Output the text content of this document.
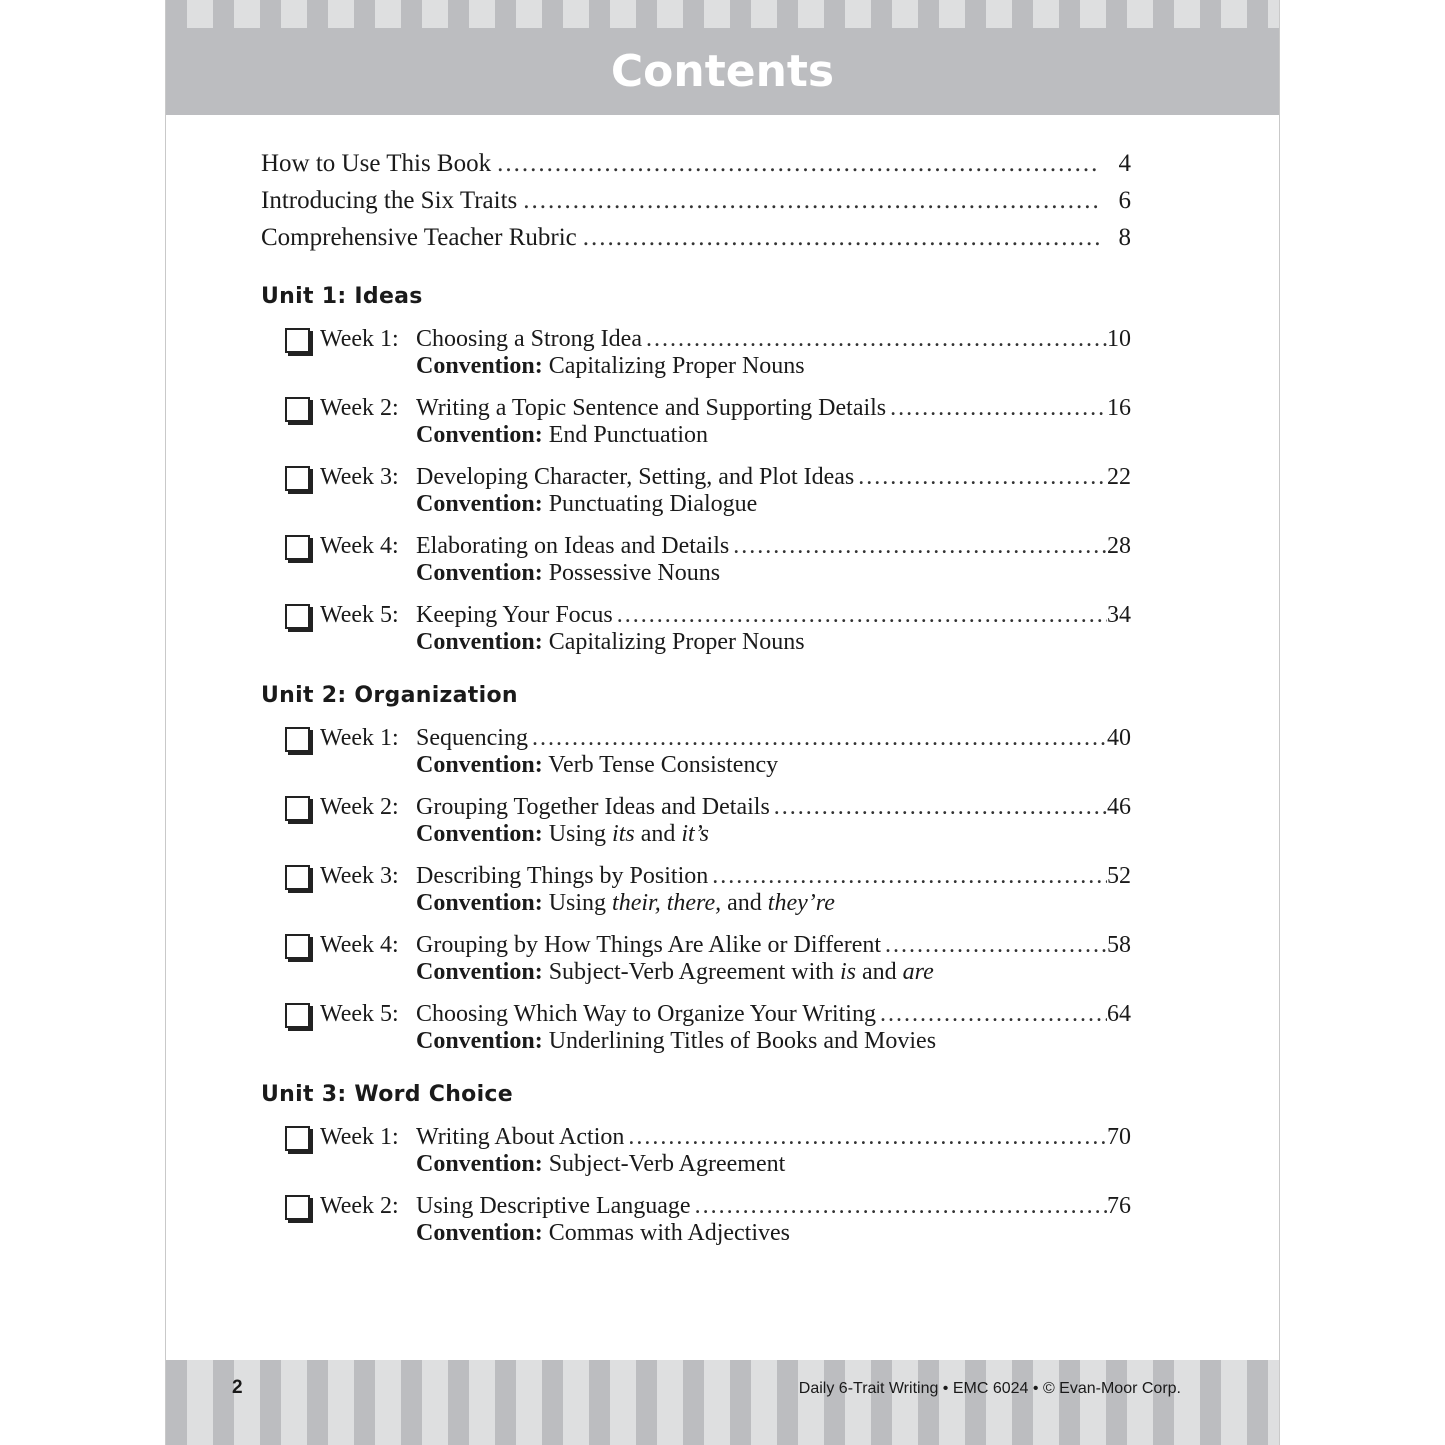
Contents
How to Use This Book .....	4
Introducing the Six Traits .....	6
Comprehensive Teacher Rubric .....	8
Unit 1: Ideas
Week 1: Choosing a Strong Idea .....	10
Convention: Capitalizing Proper Nouns
Week 2: Writing a Topic Sentence and Supporting Details .....	16
Convention: End Punctuation
Week 3: Developing Character, Setting, and Plot Ideas .....	22
Convention: Punctuating Dialogue
Week 4: Elaborating on Ideas and Details .....	28
Convention: Possessive Nouns
Week 5: Keeping Your Focus .....	34
Convention: Capitalizing Proper Nouns
Unit 2: Organization
Week 1: Sequencing .....	40
Convention: Verb Tense Consistency
Week 2: Grouping Together Ideas and Details .....	46
Convention: Using its and it’s
Week 3: Describing Things by Position .....	52
Convention: Using their, there, and they’re
Week 4: Grouping by How Things Are Alike or Different .....	58
Convention: Subject-Verb Agreement with is and are
Week 5: Choosing Which Way to Organize Your Writing .....	64
Convention: Underlining Titles of Books and Movies
Unit 3: Word Choice
Week 1: Writing About Action .....	70
Convention: Subject-Verb Agreement
Week 2: Using Descriptive Language .....	76
Convention: Commas with Adjectives
2	Daily 6-Trait Writing • EMC 6024 • © Evan-Moor Corp.
